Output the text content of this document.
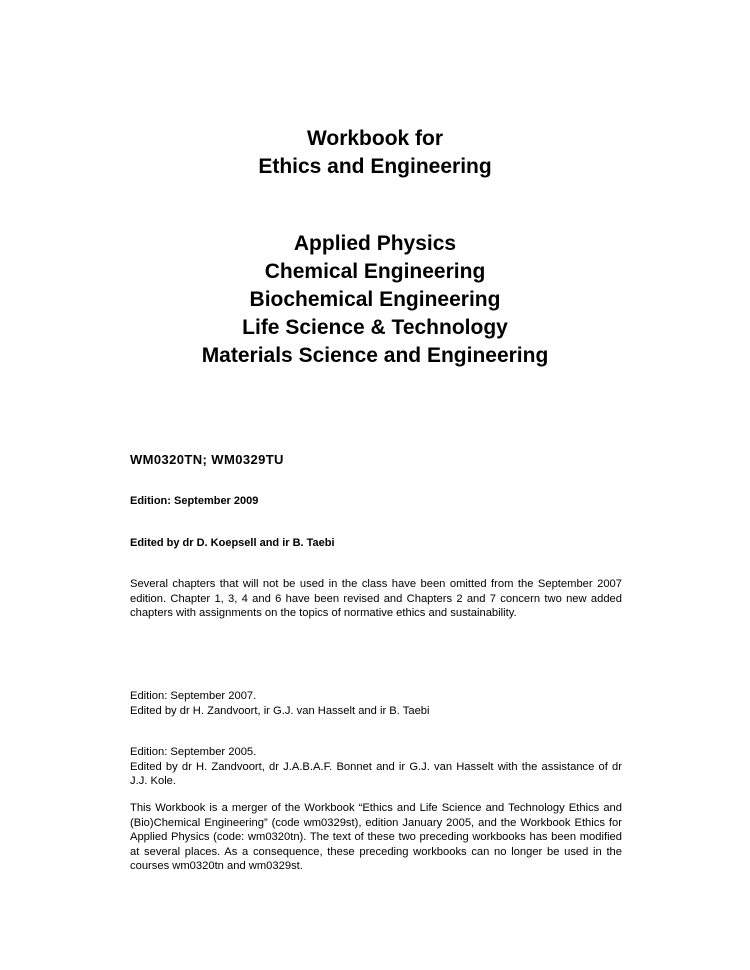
Workbook for
Ethics and Engineering
Applied Physics
Chemical Engineering
Biochemical Engineering
Life Science & Technology
Materials Science and Engineering
WM0320TN; WM0329TU
Edition: September 2009
Edited by dr D. Koepsell and ir B. Taebi
Several chapters that will not be used in the class have been omitted from the September 2007 edition. Chapter 1, 3, 4 and 6 have been revised and Chapters 2 and 7 concern two new added chapters with assignments on the topics of normative ethics and sustainability.
Edition: September 2007.
Edited by dr H. Zandvoort, ir G.J. van Hasselt and ir B. Taebi
Edition: September 2005.
Edited by dr H. Zandvoort, dr J.A.B.A.F. Bonnet and ir G.J. van Hasselt with the assistance of dr J.J. Kole.
This Workbook is a merger of the Workbook “Ethics and Life Science and Technology Ethics and (Bio)Chemical Engineering” (code wm0329st), edition January 2005, and the Workbook Ethics for Applied Physics (code: wm0320tn). The text of these two preceding workbooks has been modified at several places. As a consequence, these preceding workbooks can no longer be used in the courses wm0320tn and wm0329st.
